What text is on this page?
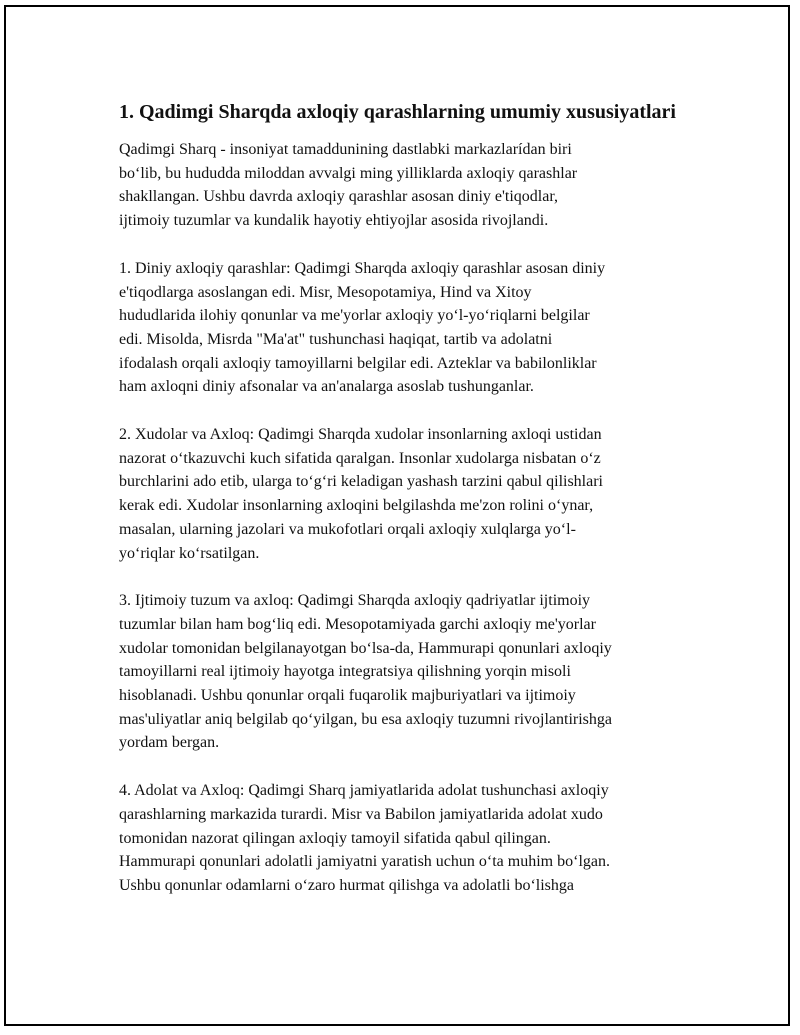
1. Qadimgi Sharqda axloqiy qarashlarning umumiy xususiyatlari

Qadimgi Sharq - insoniyat tamaddunining dastlabki markazlarídan biri
bo‘lib, bu hududda miloddan avvalgi ming yilliklarda axloqiy qarashlar
shakllangan. Ushbu davrda axloqiy qarashlar asosan diniy e'tiqodlar,
ijtimoiy tuzumlar va kundalik hayotiy ehtiyojlar asosida rivojlandi.

1. Diniy axloqiy qarashlar: Qadimgi Sharqda axloqiy qarashlar asosan diniy
e'tiqodlarga asoslangan edi. Misr, Mesopotamiya, Hind va Xitoy
hududlarida ilohiy qonunlar va me'yorlar axloqiy yo‘l-yo‘riqlarni belgilar
edi. Misolda, Misrda "Ma'at" tushunchasi haqiqat, tartib va adolatni
ifodalash orqali axloqiy tamoyillarni belgilar edi. Azteklar va babilonliklar
ham axloqni diniy afsonalar va an'analarga asoslab tushunganlar.

2. Xudolar va Axloq: Qadimgi Sharqda xudolar insonlarning axloqi ustidan
nazorat o‘tkazuvchi kuch sifatida qaralgan. Insonlar xudolarga nisbatan o‘z
burchlarini ado etib, ularga to‘g‘ri keladigan yashash tarzini qabul qilishlari
kerak edi. Xudolar insonlarning axloqini belgilashda me'zon rolini o‘ynar,
masalan, ularning jazolari va mukofotlari orqali axloqiy xulqlarga yo‘l-
yo‘riqlar ko‘rsatilgan.

3. Ijtimoiy tuzum va axloq: Qadimgi Sharqda axloqiy qadriyatlar ijtimoiy
tuzumlar bilan ham bog‘liq edi. Mesopotamiyada garchi axloqiy me'yorlar
xudolar tomonidan belgilanayotgan bo‘lsa-da, Hammurapi qonunlari axloqiy
tamoyillarni real ijtimoiy hayotga integratsiya qilishning yorqin misoli
hisoblanadi. Ushbu qonunlar orqali fuqarolik majburiyatlari va ijtimoiy
mas'uliyatlar aniq belgilab qo‘yilgan, bu esa axloqiy tuzumni rivojlantirishga
yordam bergan.

4. Adolat va Axloq: Qadimgi Sharq jamiyatlarida adolat tushunchasi axloqiy
qarashlarning markazida turardi. Misr va Babilon jamiyatlarida adolat xudo
tomonidan nazorat qilingan axloqiy tamoyil sifatida qabul qilingan.
Hammurapi qonunlari adolatli jamiyatni yaratish uchun o‘ta muhim bo‘lgan.
Ushbu qonunlar odamlarni o‘zaro hurmat qilishga va adolatli bo‘lishga
